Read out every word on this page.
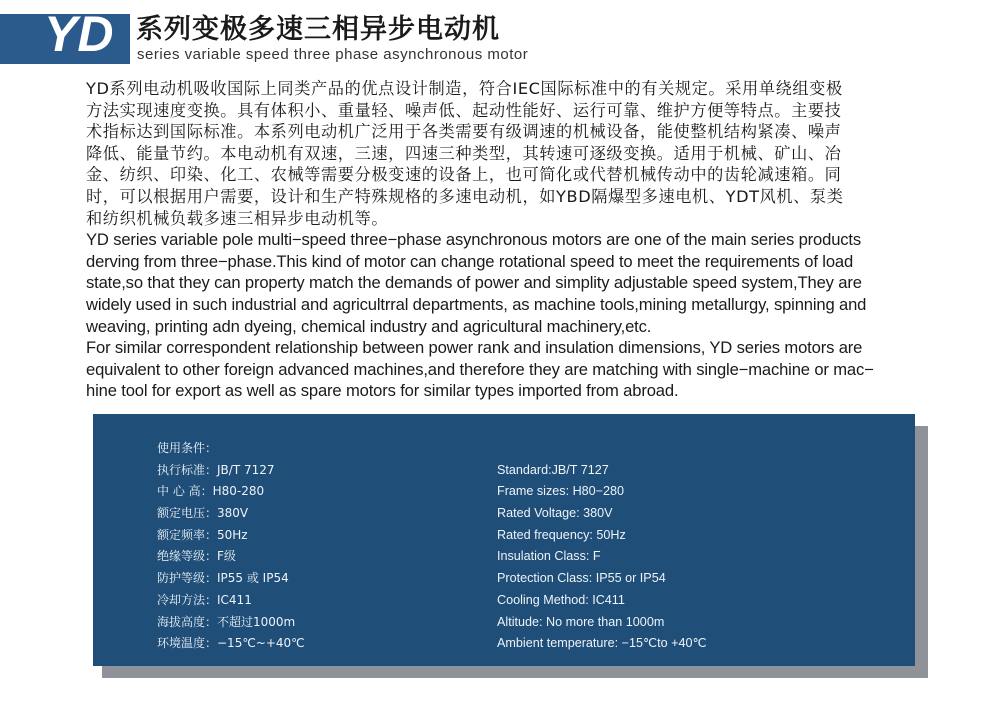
YD 系列变极多速三相异步电动机
series variable speed three phase asynchronous motor

YD系列电动机吸收国际上同类产品的优点设计制造，符合IEC国际标准中的有关规定。采用单绕组变极
方法实现速度变换。具有体积小、重量轻、噪声低、起动性能好、运行可靠、维护方便等特点。主要技
术指标达到国际标准。本系列电动机广泛用于各类需要有级调速的机械设备，能使整机结构紧凑、噪声
降低、能量节约。本电动机有双速，三速，四速三种类型，其转速可逐级变换。适用于机械、矿山、冶
金、纺织、印染、化工、农械等需要分极变速的设备上，也可简化或代替机械传动中的齿轮减速箱。同
时，可以根据用户需要，设计和生产特殊规格的多速电动机，如YBD隔爆型多速电机、YDT风机、泵类
和纺织机械负载多速三相异步电动机等。

YD series variable pole multi−speed three−phase asynchronous motors are one of the main series products
derving from three−phase.This kind of motor can change rotational speed to meet the requirements of load
state,so that they can property match the demands of power and simplity adjustable speed system,They are
widely used in such industrial and agricultrral departments, as machine tools,mining metallurgy, spinning and
weaving, printing adn dyeing, chemical industry and agricultural machinery,etc.

For similar correspondent relationship between power rank and insulation dimensions, YD series motors are
equivalent to other foreign advanced machines,and therefore they are matching with single−machine or mac−
hine tool for export as well as spare motors for similar types imported from abroad.

使用条件：
执行标准：JB/T 7127
中 心 高：H80-280
额定电压：380V
额定频率：50Hz
绝缘等级：F级
防护等级：IP55 或 IP54
冷却方法：IC411
海拔高度：不超过1000m
环境温度：−15℃~+40℃
Standard:JB/T 7127
Frame sizes: H80−280
Rated Voltage: 380V
Rated frequency: 50Hz
Insulation Class: F
Protection Class: IP55 or IP54
Cooling Method: IC411
Altitude: No more than 1000m
Ambient temperature: −15℃to +40℃
